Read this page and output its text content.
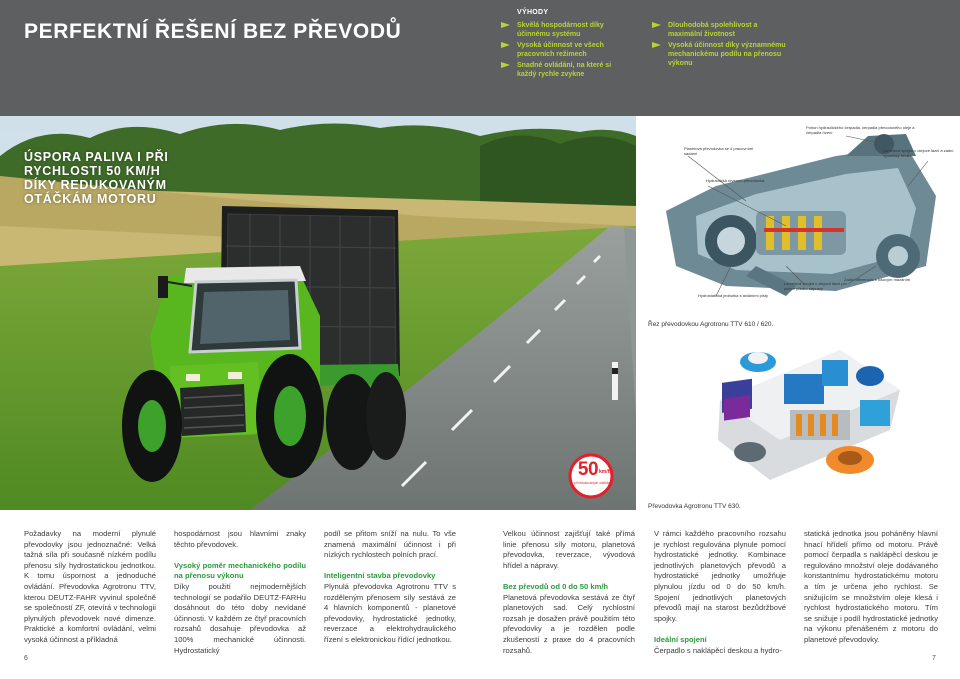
PERFEKTNÍ ŘEŠENÍ BEZ PŘEVODŮ
VÝHODY
Skvělá hospodárnost díky účinnému systému
Vysoká účinnost ve všech pracovních režimech
Snadné ovládání, na které si každý rychle zvykne
Dlouhodobá spolehlivost a maximální životnost
Vysoká účinnost díky významnému mechanickému podílu na přenosu výkonu
ÚSPORA PALIVA I PŘI
RYCHLOSTI 50 KM/H
DÍKY REDUKOVANÝM
OTÁČKÁM MOTORU
50 km/h
při redukovaných otáčkách
Pohon hydraulického čerpadla, čerpadla převodového oleje a čerpadla řízení
Planetová převodovka se 4 pracovními sadami
Lamelová spojka v olejové lázni a zadní vývodový hřídel
Hydraulická reverzní převodovka
Hydrostatická jednotka s axiálními písty
Lamelová spojka v olejové lázni pro pohon přední nápravy
Zadní diferenciál s lokovým mazáním
Řez převodovkou Agrotronu TTV 610 / 620.
Převodovka Agrotronu TTV 630.

Požadavky na moderní plynulé převodovky jsou jednoznačné: Velká tažná síla při současně nízkém podílu přenosu síly hydrostatickou jednotkou. K tomu úspornost a jednoduché ovládání. Převodovka Agrotronu TTV, kterou DEUTZ-FAHR vyvinul společně se společností ZF, otevírá v technologii plynulých převodovek nové dimenze. Praktické a komfortní ovládání, velmi vysoká účinnost a příkladná

hospodárnost jsou hlavními znaky těchto převodovek.

Vysoký poměr mechanického podílu na přenosu výkonu

Díky použití nejmodernějších technologií se podařilo DEUTZ-FARHu dosáhnout do této doby nevídané účinnosti. V každém ze čtyř pracovních rozsahů dosahuje převodovka až 100% mechanické účinnosti. Hydrostatický

podíl se přitom sníží na nulu. To vše znamená maximální účinnost i při nízkých rychlostech polních prací.

Inteligentní stavba převodovky

Plynulá převodovka Agrotronu TTV s rozděleným přenosem síly sestává ze 4 hlavních komponentů - planetové převodovky, hydrostatické jednotky, reverzace a elektrohydraulického řízení s elektronickou řídící jednotkou.

Velkou účinnost zajišťují také přímá linie přenosu síly motoru, planetová převodovka, reverzace, vývodová hřídel a nápravy.

Bez převodů od 0 do 50 km/h

Planetová převodovka sestává ze čtyř planetových sad. Celý rychlostní rozsah je dosažen právě použitím této převodovky a je rozdělen podle zkušeností z praxe do 4 pracovních rozsahů.

V rámci každého pracovního rozsahu je rychlost regulována plynule pomocí hydrostatické jednotky. Kombinace jednotlivých planetových převodů a hydrostatické jednotky umožňuje plynulou jízdu od 0 do 50 km/h. Spojení jednotlivých planetových převodů mají na starost bezůdržbové spojky.

Ideální spojení

Čerpadlo s naklápěcí deskou a hydro-

statická jednotka jsou poháněny hlavní hnací hřídelí přímo od motoru. Právě pomocí čerpadla s naklápěcí deskou je regulováno množství oleje dodávaného konstantnímu hydrostatickému motoru a tím je určena jeho rychlost. Se snižujícím se množstvím oleje klesá i rychlost hydrostatického motoru. Tím se snižuje i podíl hydrostatické jednotky na výkonu přenášeném z motoru do planetové převodovky.

6	7
